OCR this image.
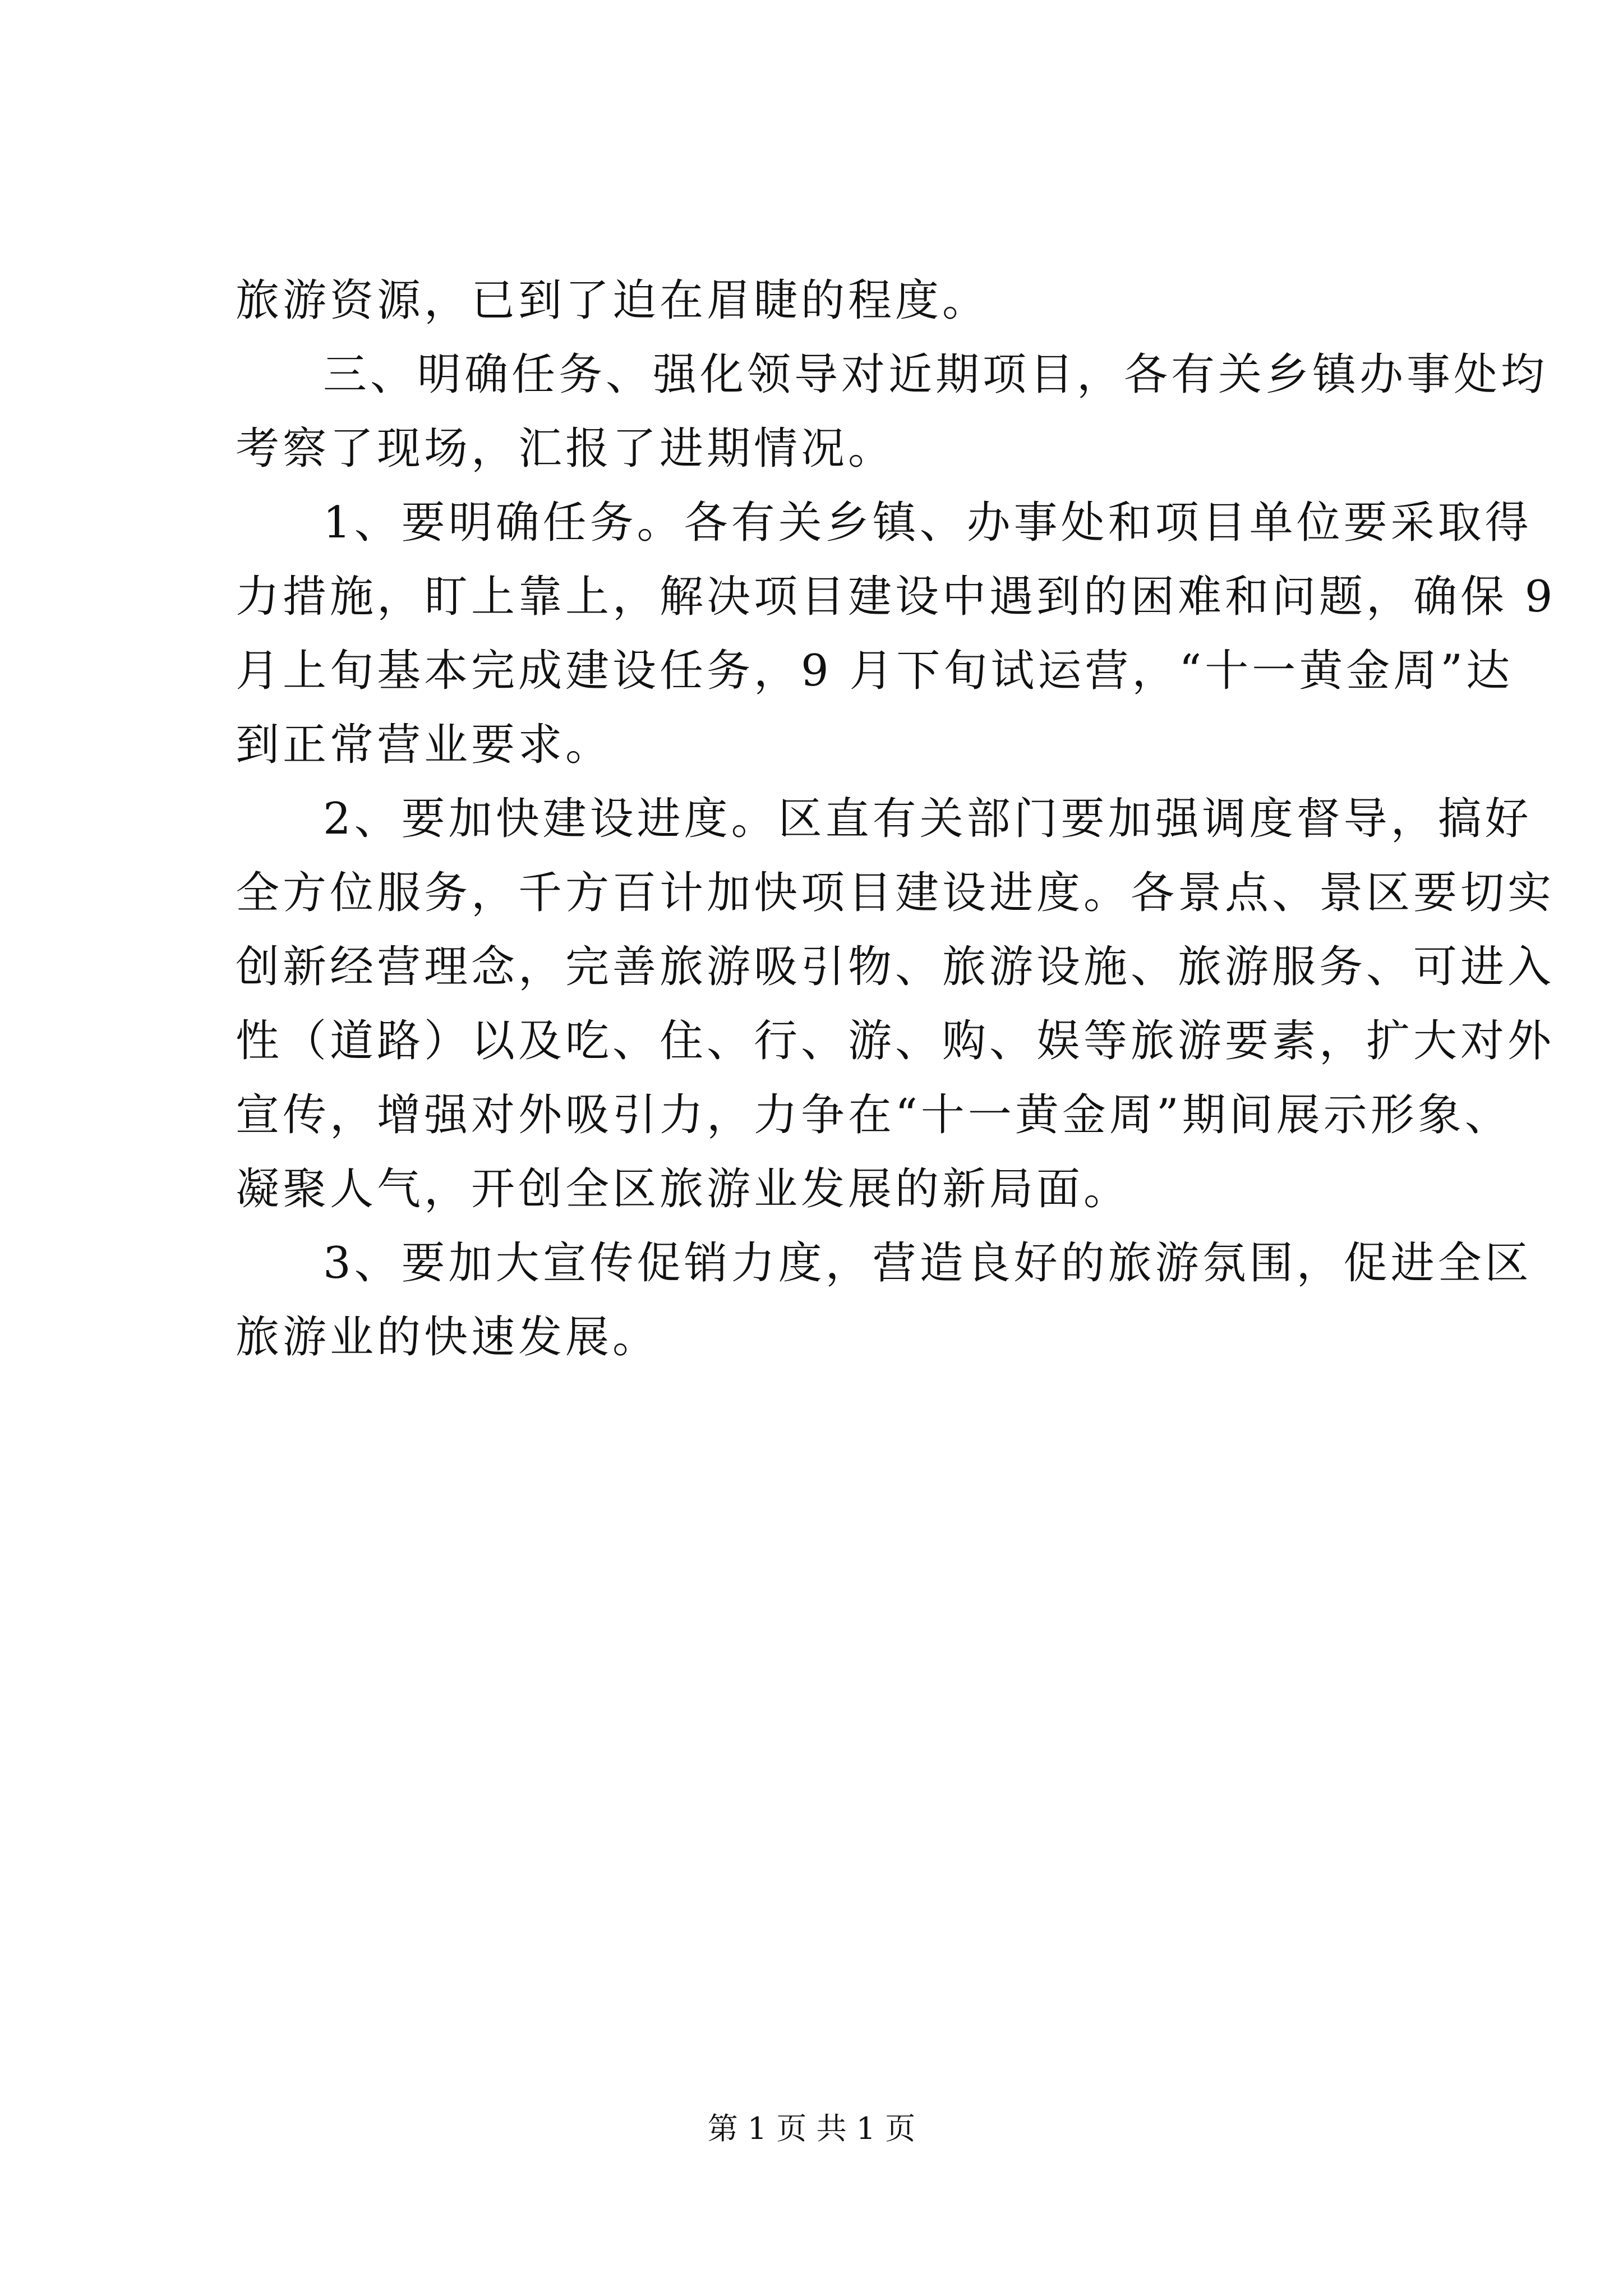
旅游资源，已到了迫在眉睫的程度。
三、明确任务、强化领导对近期项目，各有关乡镇办事处均
考察了现场，汇报了进期情况。
1、要明确任务。各有关乡镇、办事处和项目单位要采取得
力措施，盯上靠上，解决项目建设中遇到的困难和问题，确保 9
月上旬基本完成建设任务，9 月下旬试运营，“十一黄金周”达
到正常营业要求。
2、要加快建设进度。区直有关部门要加强调度督导，搞好
全方位服务，千方百计加快项目建设进度。各景点、景区要切实
创新经营理念，完善旅游吸引物、旅游设施、旅游服务、可进入
性（道路）以及吃、住、行、游、购、娱等旅游要素，扩大对外
宣传，增强对外吸引力，力争在“十一黄金周”期间展示形象、
凝聚人气，开创全区旅游业发展的新局面。
3、要加大宣传促销力度，营造良好的旅游氛围，促进全区
旅游业的快速发展。
第 1 页 共 1 页
